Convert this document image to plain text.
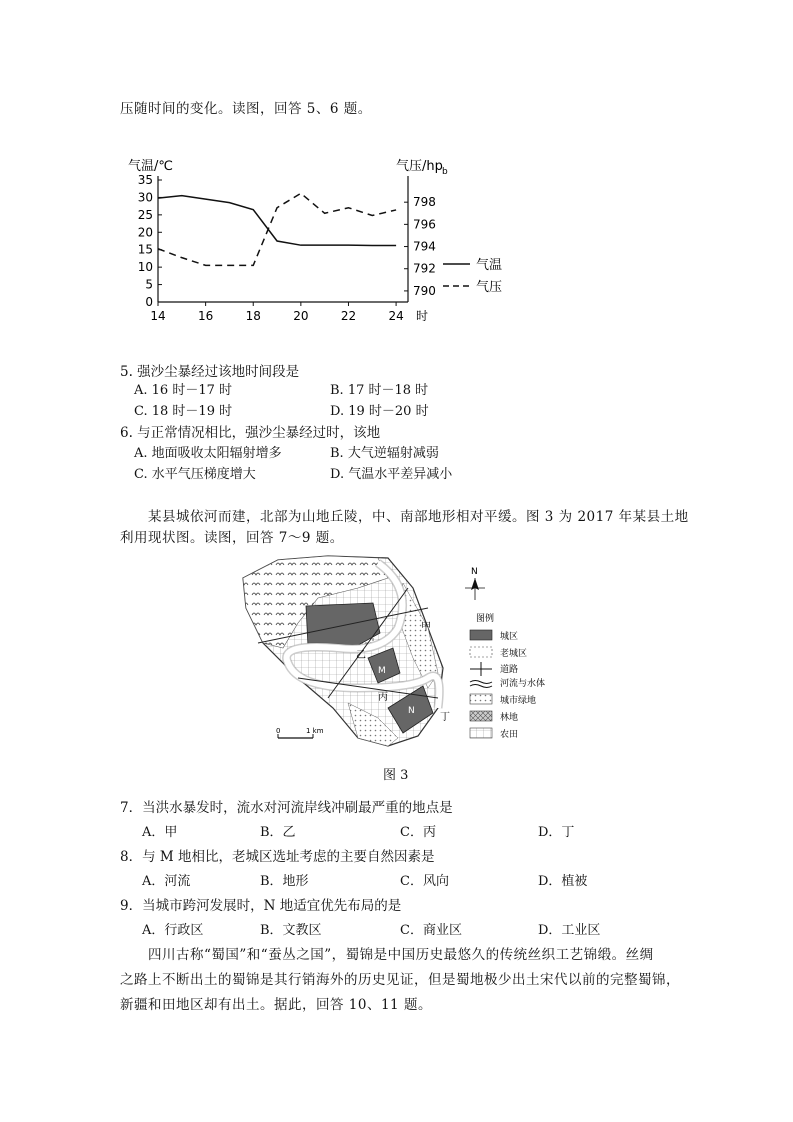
压随时间的变化。读图，回答 5、6 题。
气温/℃	气压/hp b
0
5
10
15
20
25
30
35
790
792
794
796
798
14	16	18	20	22	24 时
气温
气压
5. 强沙尘暴经过该地时间段是
A. 16 时－17 时	B. 17 时－18 时
C. 18 时－19 时	D. 19 时－20 时
6. 与正常情况相比，强沙尘暴经过时，该地
A. 地面吸收太阳辐射增多	B. 大气逆辐射减弱
C. 水平气压梯度增大	D. 气温水平差异减小
某县城依河而建，北部为山地丘陵，中、南部地形相对平缓。图 3 为 2017 年某县土地
利用现状图。读图，回答 7～9 题。
甲
乙
丙
丁
M
N
0	1 km
N
图例
城区
老城区
道路
河流与水体
城市绿地
林地
农田
图 3
7．当洪水暴发时，流水对河流岸线冲刷最严重的地点是
A．甲	B．乙	C．丙	D．丁
8．与 M 地相比，老城区选址考虑的主要自然因素是
A．河流	B．地形	C．风向	D．植被
9．当城市跨河发展时，N 地适宜优先布局的是
A．行政区	B．文教区	C．商业区	D．工业区
四川古称“蜀国”和“蚕丛之国”，蜀锦是中国历史最悠久的传统丝织工艺锦缎。丝绸
之路上不断出土的蜀锦是其行销海外的历史见证，但是蜀地极少出土宋代以前的完整蜀锦，
新疆和田地区却有出土。据此，回答 10、11 题。
